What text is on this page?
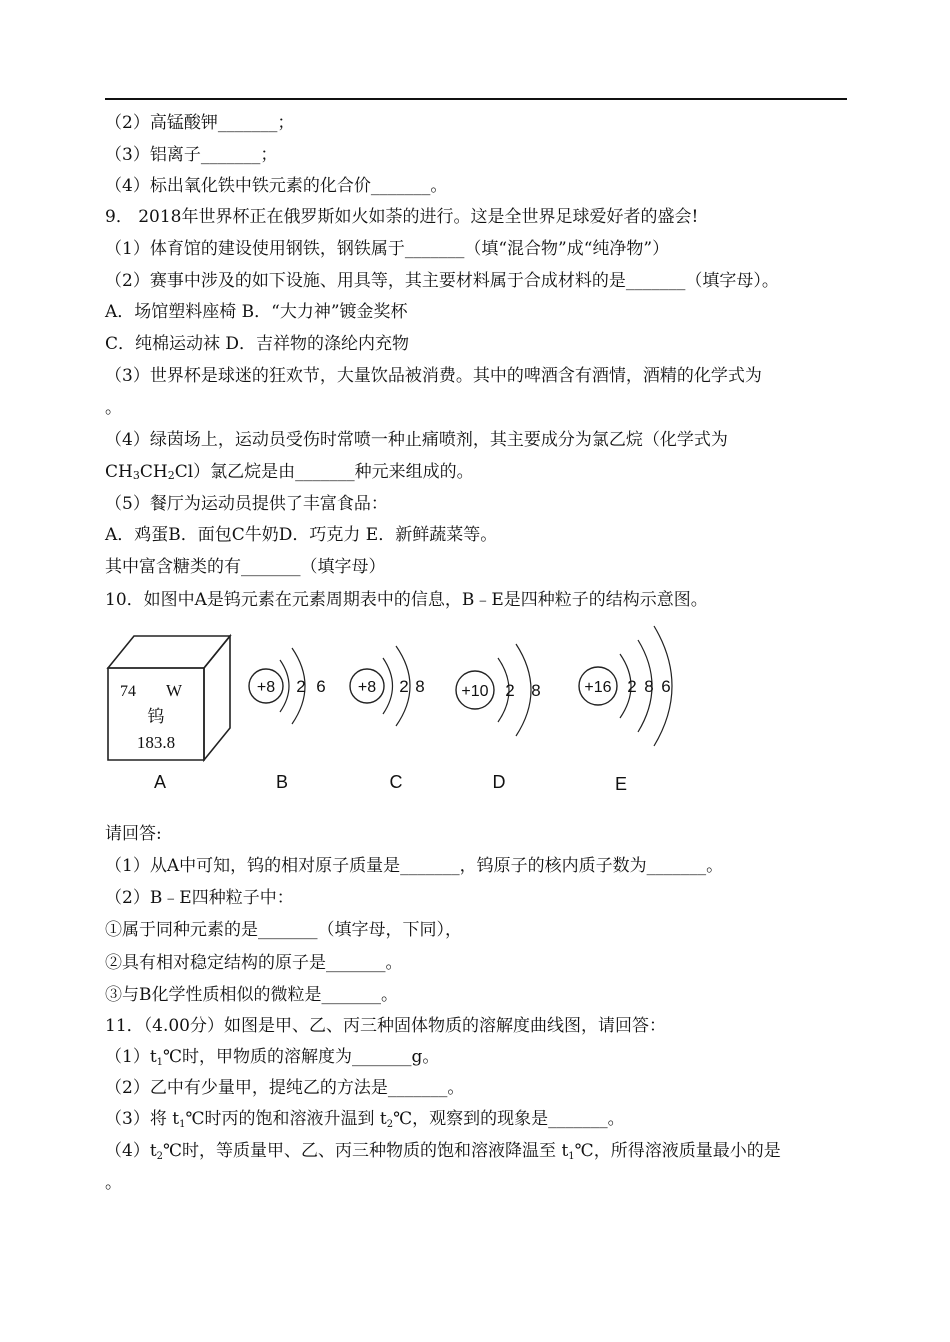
（2）高锰酸钾_______；
（3）铝离子_______；
（4）标出氧化铁中铁元素的化合价_______。
9． 2018年世界杯正在俄罗斯如火如荼的进行。这是全世界足球爱好者的盛会!
（1）体育馆的建设使用钢铁，钢铁属于_______（填“混合物”成“纯净物”）
（2）赛事中涉及的如下设施、用具等，其主要材料属于合成材料的是_______（填字母）。
A．场馆塑料座椅 B．“大力神”镀金奖杯
C．纯棉运动袜 D．吉祥物的涤纶内充物
（3）世界杯是球迷的狂欢节，大量饮品被消费。其中的啤酒含有酒情，酒精的化学式为
。
（4）绿茵场上，运动员受伤时常喷一种止痛喷剂，其主要成分为氯乙烷（化学式为
CH3CH2Cl）氯乙烷是由_______种元来组成的。
（5）餐厅为运动员提供了丰富食品：
A．鸡蛋B．面包C牛奶D．巧克力 E．新鲜蔬菜等。
其中富含糖类的有_______（填字母）
10．如图中A是钨元素在元素周期表中的信息，B﹣E是四种粒子的结构示意图。
74 W
钨
183.8
A
+8 2 6
B
+8 2 8
C
+10 2 8
D
+16 2 8 6
E
请回答:
（1）从A中可知，钨的相对原子质量是_______，钨原子的核内质子数为_______。
（2）B﹣E四种粒子中：
①属于同种元素的是_______（填字母，下同），
②具有相对稳定结构的原子是_______。
③与B化学性质相似的微粒是_______。
11．（4.00分）如图是甲、乙、丙三种固体物质的溶解度曲线图，请回答：
（1）t1℃时，甲物质的溶解度为_______g。
（2）乙中有少量甲，提纯乙的方法是_______。
（3）将 t1℃时丙的饱和溶液升温到 t2℃，观察到的现象是_______。
（4）t2℃时，等质量甲、乙、丙三种物质的饱和溶液降温至 t1℃，所得溶液质量最小的是
。
